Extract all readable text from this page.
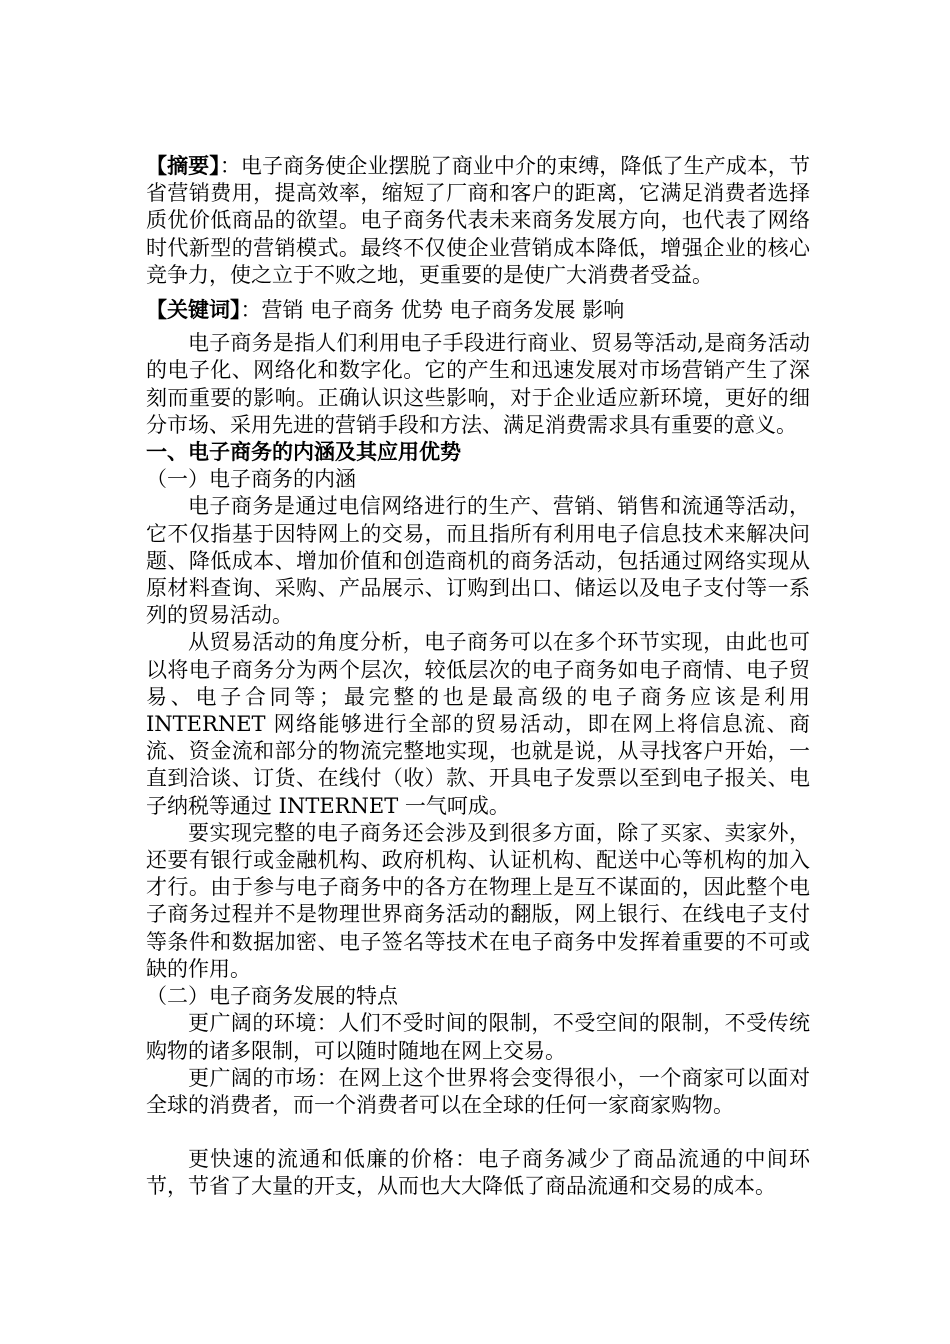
【摘要】：电子商务使企业摆脱了商业中介的束缚，降低了生产成本，节省营销费用，提高效率，缩短了厂商和客户的距离，它满足消费者选择质优价低商品的欲望。电子商务代表未来商务发展方向，也代表了网络时代新型的营销模式。最终不仅使企业营销成本降低，增强企业的核心竞争力，使之立于不败之地，更重要的是使广大消费者受益。

【关键词】：营销 电子商务 优势 电子商务发展 影响

电子商务是指人们利用电子手段进行商业、贸易等活动,是商务活动的电子化、网络化和数字化。它的产生和迅速发展对市场营销产生了深刻而重要的影响。正确认识这些影响，对于企业适应新环境，更好的细分市场、采用先进的营销手段和方法、满足消费需求具有重要的意义。

一、电子商务的内涵及其应用优势

（一）电子商务的内涵

电子商务是通过电信网络进行的生产、营销、销售和流通等活动，它不仅指基于因特网上的交易，而且指所有利用电子信息技术来解决问题、降低成本、增加价值和创造商机的商务活动，包括通过网络实现从原材料查询、采购、产品展示、订购到出口、储运以及电子支付等一系列的贸易活动。

从贸易活动的角度分析，电子商务可以在多个环节实现，由此也可以将电子商务分为两个层次，较低层次的电子商务如电子商情、电子贸易、电子合同等；最完整的也是最高级的电子商务应该是利用 INTERNET 网络能够进行全部的贸易活动，即在网上将信息流、商流、资金流和部分的物流完整地实现，也就是说，从寻找客户开始，一直到洽谈、订货、在线付（收）款、开具电子发票以至到电子报关、电子纳税等通过 INTERNET 一气呵成。

要实现完整的电子商务还会涉及到很多方面，除了买家、卖家外，还要有银行或金融机构、政府机构、认证机构、配送中心等机构的加入才行。由于参与电子商务中的各方在物理上是互不谋面的，因此整个电子商务过程并不是物理世界商务活动的翻版，网上银行、在线电子支付等条件和数据加密、电子签名等技术在电子商务中发挥着重要的不可或缺的作用。

（二）电子商务发展的特点

更广阔的环境：人们不受时间的限制，不受空间的限制，不受传统购物的诸多限制，可以随时随地在网上交易。

更广阔的市场：在网上这个世界将会变得很小，一个商家可以面对全球的消费者，而一个消费者可以在全球的任何一家商家购物。

更快速的流通和低廉的价格：电子商务减少了商品流通的中间环节，节省了大量的开支，从而也大大降低了商品流通和交易的成本。
